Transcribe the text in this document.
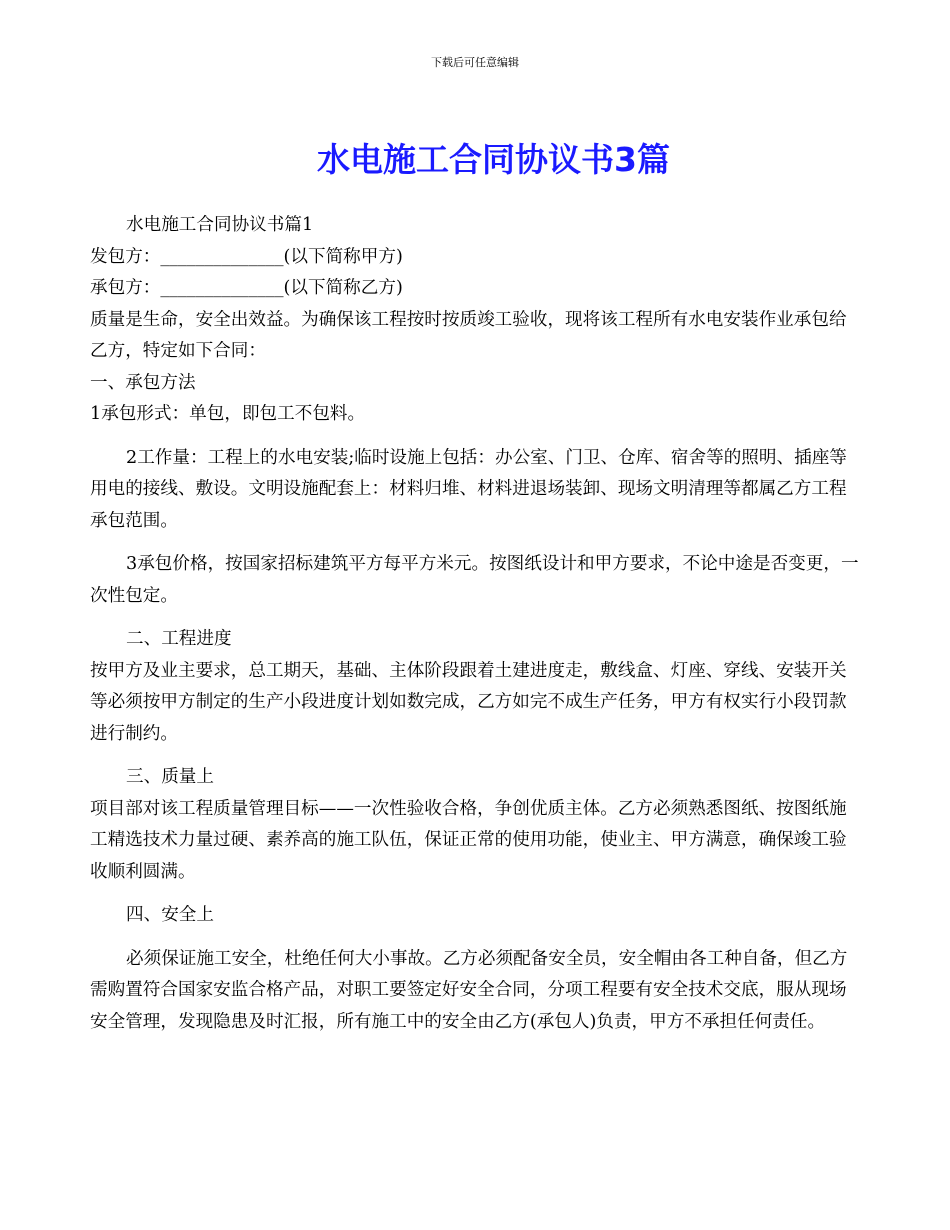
下载后可任意编辑
水电施工合同协议书3篇

水电施工合同协议书篇1

发包方：______________(以下简称甲方)

承包方：______________(以下简称乙方)

质量是生命，安全出效益。为确保该工程按时按质竣工验收，现将该工程所有水电安装作业承包给乙方，特定如下合同：

一、承包方法

1承包形式：单包，即包工不包料。

2工作量：工程上的水电安装;临时设施上包括：办公室、门卫、仓库、宿舍等的照明、插座等用电的接线、敷设。文明设施配套上：材料归堆、材料进退场装卸、现场文明清理等都属乙方工程承包范围。

3承包价格，按国家招标建筑平方每平方米元。按图纸设计和甲方要求，不论中途是否变更，一次性包定。

二、工程进度

按甲方及业主要求，总工期天，基础、主体阶段跟着土建进度走，敷线盒、灯座、穿线、安装开关等必须按甲方制定的生产小段进度计划如数完成，乙方如完不成生产任务，甲方有权实行小段罚款进行制约。

三、质量上

项目部对该工程质量管理目标——一次性验收合格，争创优质主体。乙方必须熟悉图纸、按图纸施工精选技术力量过硬、素养高的施工队伍，保证正常的使用功能，使业主、甲方满意，确保竣工验收顺利圆满。

四、安全上

必须保证施工安全，杜绝任何大小事故。乙方必须配备安全员，安全帽由各工种自备，但乙方需购置符合国家安监合格产品，对职工要签定好安全合同，分项工程要有安全技术交底，服从现场安全管理，发现隐患及时汇报，所有施工中的安全由乙方(承包人)负责，甲方不承担任何责任。
